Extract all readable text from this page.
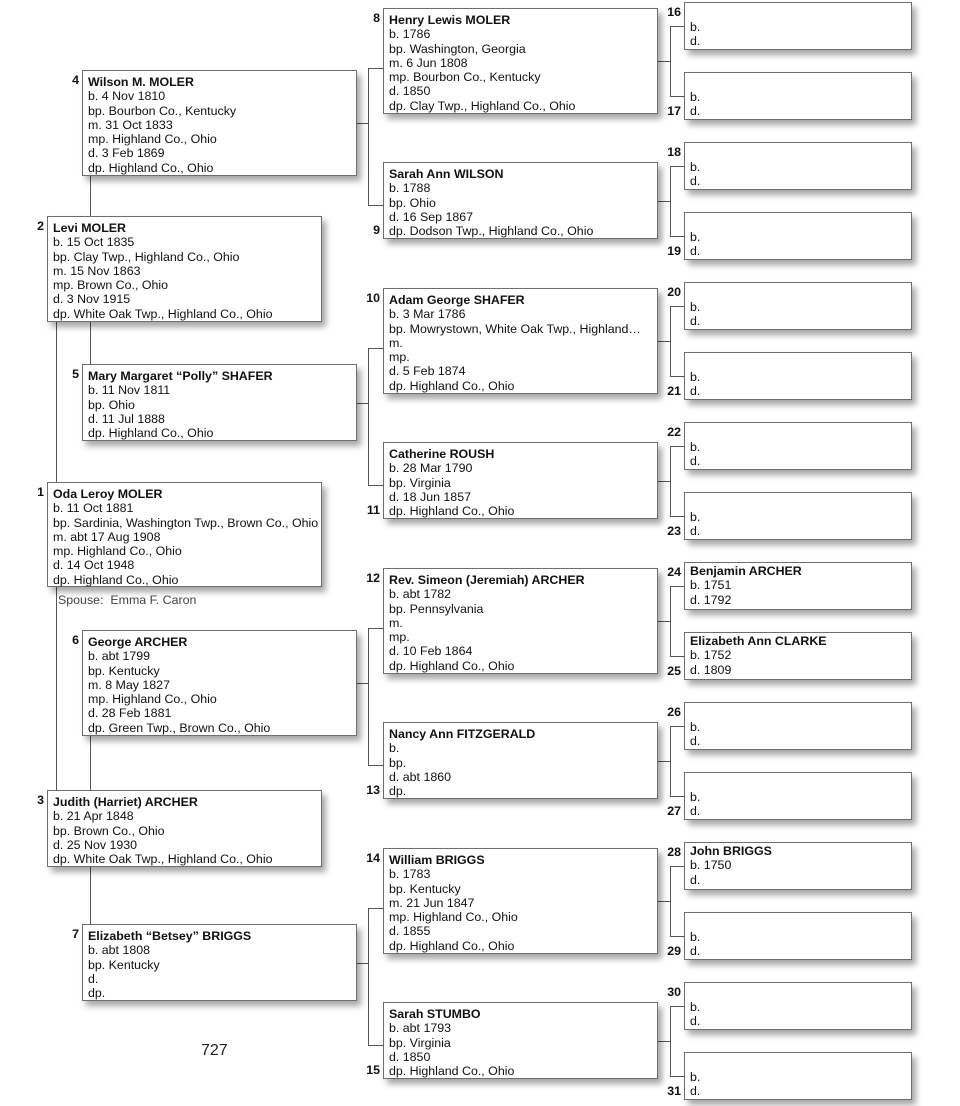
Oda Leroy MOLER
b. 11 Oct 1881
bp. Sardinia, Washington Twp., Brown Co., Ohio
m. abt 17 Aug 1908
mp. Highland Co., Ohio
d. 14 Oct 1948
dp. Highland Co., Ohio
1
Levi MOLER
b. 15 Oct 1835
bp. Clay Twp., Highland Co., Ohio
m. 15 Nov 1863
mp. Brown Co., Ohio
d. 3 Nov 1915
dp. White Oak Twp., Highland Co., Ohio
2
Judith (Harriet) ARCHER
b. 21 Apr 1848
bp. Brown Co., Ohio
d. 25 Nov 1930
dp. White Oak Twp., Highland Co., Ohio
3
Wilson M. MOLER
b. 4 Nov 1810
bp. Bourbon Co., Kentucky
m. 31 Oct 1833
mp. Highland Co., Ohio
d. 3 Feb 1869
dp. Highland Co., Ohio
4
Mary Margaret “Polly” SHAFER
b. 11 Nov 1811
bp. Ohio
d. 11 Jul 1888
dp. Highland Co., Ohio
5
George ARCHER
b. abt 1799
bp. Kentucky
m. 8 May 1827
mp. Highland Co., Ohio
d. 28 Feb 1881
dp. Green Twp., Brown Co., Ohio
6
Elizabeth “Betsey” BRIGGS
b. abt 1808
bp. Kentucky
d.
dp.
7
Henry Lewis MOLER
b. 1786
bp. Washington, Georgia
m. 6 Jun 1808
mp. Bourbon Co., Kentucky
d. 1850
dp. Clay Twp., Highland Co., Ohio
8
Sarah Ann WILSON
b. 1788
bp. Ohio
d. 16 Sep 1867
dp. Dodson Twp., Highland Co., Ohio
9
Adam George SHAFER
b. 3 Mar 1786
bp. Mowrystown, White Oak Twp., Highland…
m.
mp.
d. 5 Feb 1874
dp. Highland Co., Ohio
10
Catherine ROUSH
b. 28 Mar 1790
bp. Virginia
d. 18 Jun 1857
dp. Highland Co., Ohio
11
Rev. Simeon (Jeremiah) ARCHER
b. abt 1782
bp. Pennsylvania
m.
mp.
d. 10 Feb 1864
dp. Highland Co., Ohio
12
Nancy Ann FITZGERALD
b.
bp.
d. abt 1860
dp.
13
William BRIGGS
b. 1783
bp. Kentucky
m. 21 Jun 1847
mp. Highland Co., Ohio
d. 1855
dp. Highland Co., Ohio
14
Sarah STUMBO
b. abt 1793
bp. Virginia
d. 1850
dp. Highland Co., Ohio
15
b.
d.
16
b.
d.
17
b.
d.
18
b.
d.
19
b.
d.
20
b.
d.
21
b.
d.
22
b.
d.
23
Benjamin ARCHER
b. 1751
d. 1792
24
Elizabeth Ann CLARKE
b. 1752
d. 1809
25
b.
d.
26
b.
d.
27
John BRIGGS
b. 1750
d.
28
b.
d.
29
b.
d.
30
b.
d.
31
Spouse: Emma F. Caron
727
